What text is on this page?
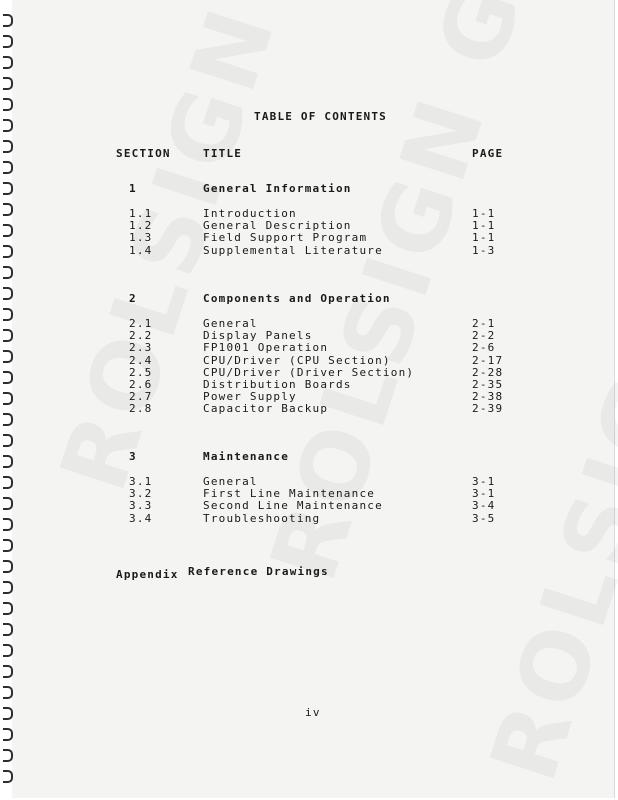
TABLE OF CONTENTS
SECTION	TITLE	PAGE
1	General Information
1.1	Introduction	1-1
1.2	General Description	1-1
1.3	Field Support Program	1-1
1.4	Supplemental Literature	1-3
2	Components and Operation
2.1	General	2-1
2.2	Display Panels	2-2
2.3	FP1001 Operation	2-6
2.4	CPU/Driver (CPU Section)	2-17
2.5	CPU/Driver (Driver Section)	2-28
2.6	Distribution Boards	2-35
2.7	Power Supply	2-38
2.8	Capacitor Backup	2-39
3	Maintenance
3.1	General	3-1
3.2	First Line Maintenance	3-1
3.3	Second Line Maintenance	3-4
3.4	Troubleshooting	3-5
Appendix Reference Drawings
iv
